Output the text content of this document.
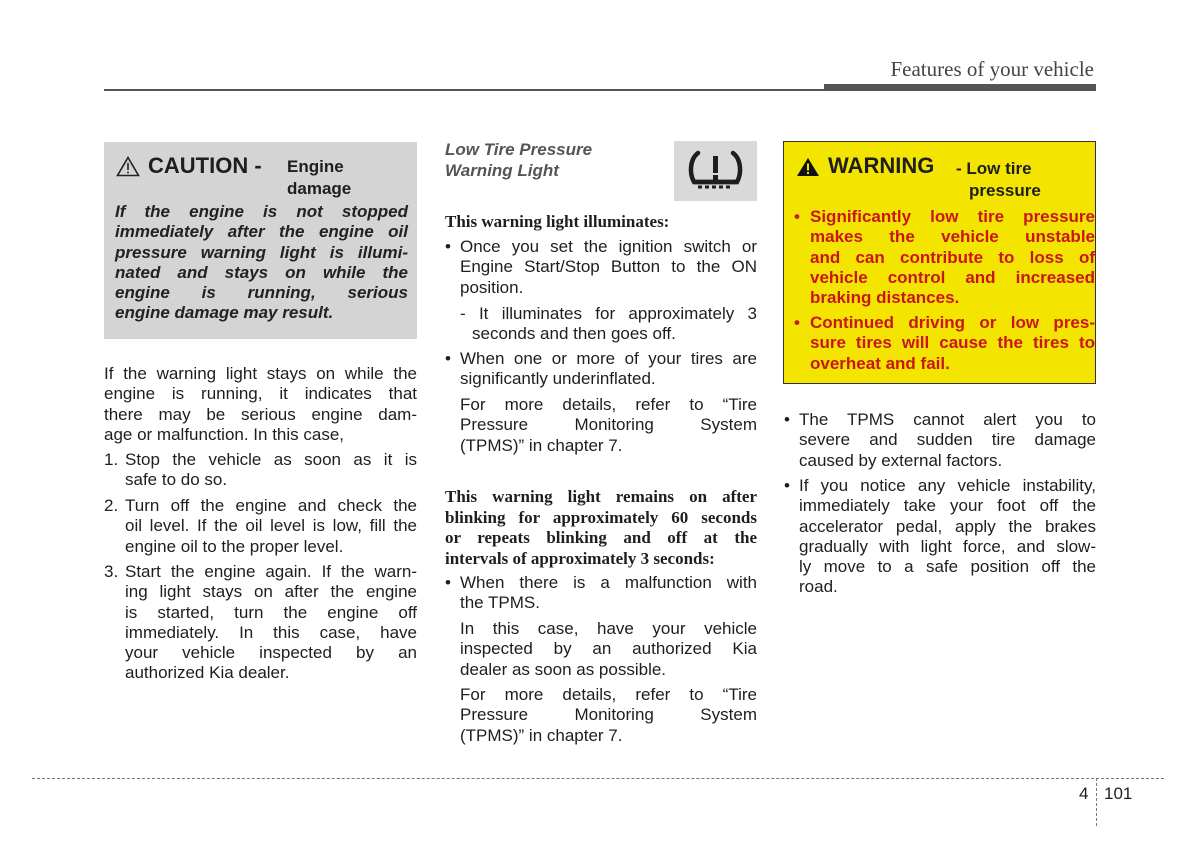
Features of your vehicle
CAUTION - Engine
damage
If the engine is not stopped
immediately after the engine oil
pressure warning light is illumi-
nated and stays on while the
engine is running, serious
engine damage may result.
If the warning light stays on while the
engine is running, it indicates that
there may be serious engine dam-
age or malfunction. In this case,
1. Stop the vehicle as soon as it is
safe to do so.
2. Turn off the engine and check the
oil level. If the oil level is low, fill the
engine oil to the proper level.
3. Start the engine again. If the warn-
ing light stays on after the engine
is started, turn the engine off
immediately. In this case, have
your vehicle inspected by an
authorized Kia dealer.
Low Tire Pressure
Warning Light
This warning light illuminates:
• Once you set the ignition switch or
Engine Start/Stop Button to the ON
position.
- It illuminates for approximately 3
seconds and then goes off.
• When one or more of your tires are
significantly underinflated.
For more details, refer to “Tire
Pressure Monitoring System
(TPMS)” in chapter 7.
This warning light remains on after
blinking for approximately 60 seconds
or repeats blinking and off at the
intervals of approximately 3 seconds:
• When there is a malfunction with
the TPMS.
In this case, have your vehicle
inspected by an authorized Kia
dealer as soon as possible.
For more details, refer to “Tire
Pressure Monitoring System
(TPMS)” in chapter 7.
WARNING - Low tire
pressure
• Significantly low tire pressure
makes the vehicle unstable
and can contribute to loss of
vehicle control and increased
braking distances.
• Continued driving or low pres-
sure tires will cause the tires to
overheat and fail.
• The TPMS cannot alert you to
severe and sudden tire damage
caused by external factors.
• If you notice any vehicle instability,
immediately take your foot off the
accelerator pedal, apply the brakes
gradually with light force, and slow-
ly move to a safe position off the
road.
4 101
